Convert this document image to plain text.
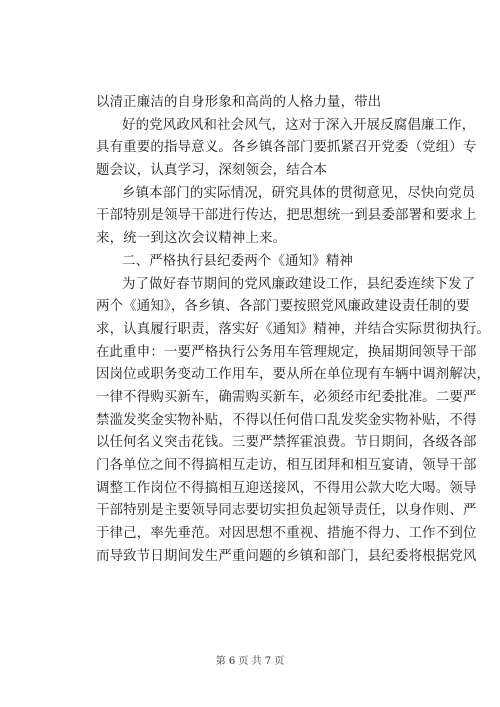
以清正廉洁的自身形象和高尚的人格力量，带出
好的党风政风和社会风气，这对于深入开展反腐倡廉工作，
具有重要的指导意义。各乡镇各部门要抓紧召开党委（党组）专
题会议，认真学习，深刻领会，结合本
乡镇本部门的实际情况，研究具体的贯彻意见，尽快向党员
干部特别是领导干部进行传达，把思想统一到县委部署和要求上
来，统一到这次会议精神上来。
二、严格执行县纪委两个《通知》精神
为了做好春节期间的党风廉政建设工作，县纪委连续下发了
两个《通知》，各乡镇、各部门要按照党风廉政建设责任制的要
求，认真履行职责，落实好《通知》精神，并结合实际贯彻执行。
在此重申：一要严格执行公务用车管理规定，换届期间领导干部
因岗位或职务变动工作用车，要从所在单位现有车辆中调剂解决，
一律不得购买新车，确需购买新车，必须经市纪委批准。二要严
禁滥发奖金实物补贴，不得以任何借口乱发奖金实物补贴，不得
以任何名义突击花钱。三要严禁挥霍浪费。节日期间，各级各部
门各单位之间不得搞相互走访，相互团拜和相互宴请，领导干部
调整工作岗位不得搞相互迎送接风，不得用公款大吃大喝。领导
干部特别是主要领导同志要切实担负起领导责任，以身作则、严
于律己，率先垂范。对因思想不重视、措施不得力、工作不到位
而导致节日期间发生严重问题的乡镇和部门，县纪委将根据党风
第 6 页 共 7 页
